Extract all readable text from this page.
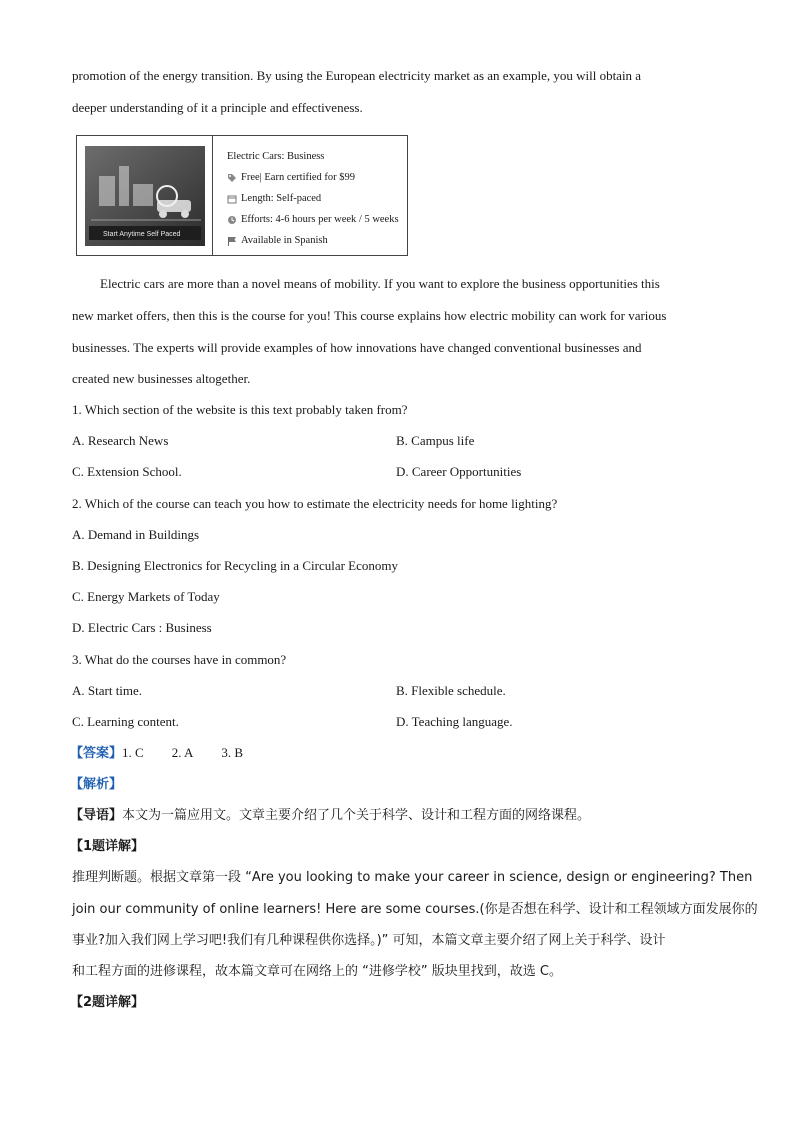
promotion of the energy transition. By using the European electricity market as an example, you will obtain a
deeper understanding of it a principle and effectiveness.
Start Anytime Self Paced
Electric Cars: Business
Free| Earn certified for $99
Length: Self-paced
Efforts: 4-6 hours per week / 5 weeks
Available in Spanish
Electric cars are more than a novel means of mobility. If you want to explore the business opportunities this
new market offers, then this is the course for you! This course explains how electric mobility can work for various
businesses. The experts will provide examples of how innovations have changed conventional businesses and
created new businesses altogether.
1. Which section of the website is this text probably taken from?
A. Research News	B. Campus life
C. Extension School.	D. Career Opportunities
2. Which of the course can teach you how to estimate the electricity needs for home lighting?
A. Demand in Buildings
B. Designing Electronics for Recycling in a Circular Economy
C. Energy Markets of Today
D. Electric Cars : Business
3. What do the courses have in common?
A. Start time.	B. Flexible schedule.
C. Learning content.	D. Teaching language.
【答案】1. C 2. A 3. B
【解析】
【导语】本文为一篇应用文。文章主要介绍了几个关于科学、设计和工程方面的网络课程。
【1题详解】
推理判断题。根据文章第一段 “Are you looking to make your career in science, design or engineering? Then
join our community of online learners! Here are some courses.(你是否想在科学、设计和工程领域方面发展你的
事业?加入我们网上学习吧!我们有几种课程供你选择。)” 可知，本篇文章主要介绍了网上关于科学、设计
和工程方面的进修课程，故本篇文章可在网络上的 “进修学校” 版块里找到，故选 C。
【2题详解】
